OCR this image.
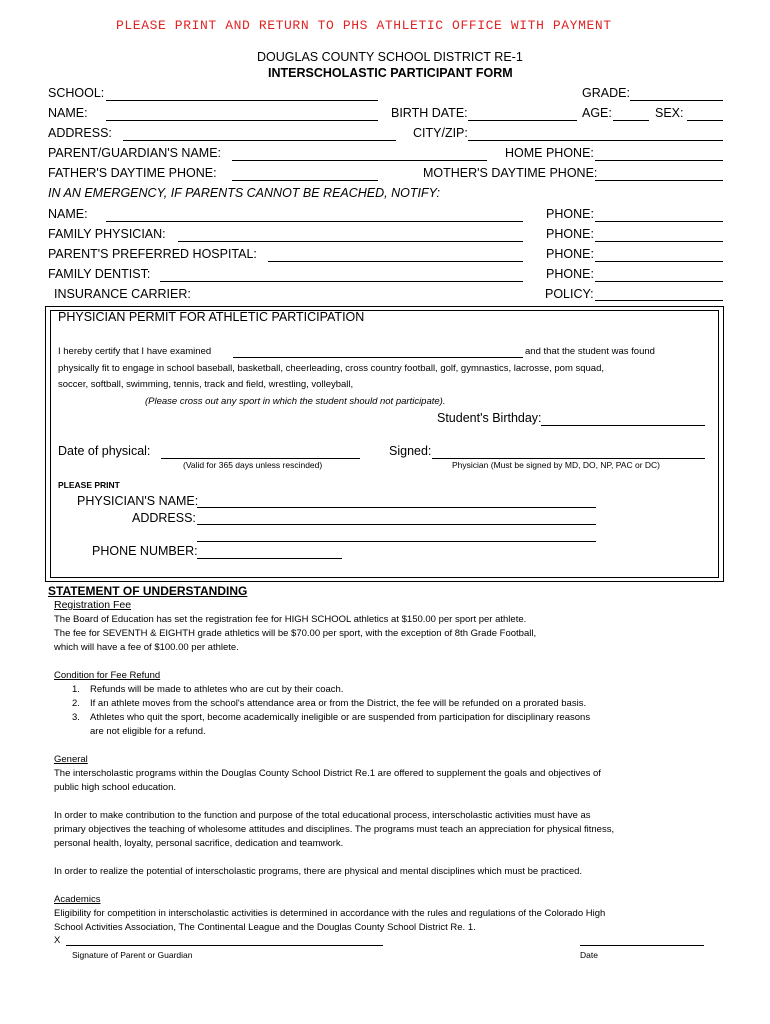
PLEASE PRINT AND RETURN TO PHS ATHLETIC OFFICE WITH PAYMENT
DOUGLAS COUNTY SCHOOL DISTRICT RE-1
INTERSCHOLASTIC PARTICIPANT FORM
SCHOOL:	GRADE:
NAME:	BIRTH DATE:	AGE:	SEX:
ADDRESS:	CITY/ZIP:
PARENT/GUARDIAN'S NAME:	HOME PHONE:
FATHER'S DAYTIME PHONE:	MOTHER'S DAYTIME PHONE:
IN AN EMERGENCY, IF PARENTS CANNOT BE REACHED, NOTIFY:
NAME:	PHONE:
FAMILY PHYSICIAN:	PHONE:
PARENT'S PREFERRED HOSPITAL:	PHONE:
FAMILY DENTIST:	PHONE:
INSURANCE CARRIER:	POLICY:
PHYSICIAN PERMIT FOR ATHLETIC PARTICIPATION
I hereby certify that I have examined	and that the student was found
physically fit to engage in school baseball, basketball, cheerleading, cross country football, golf, gymnastics, lacrosse, pom squad,
soccer, softball, swimming, tennis, track and field, wrestling, volleyball,
(Please cross out any sport in which the student should not participate).
Student's Birthday:
Date of physical:
(Valid for 365 days unless rescinded)
Signed:
Physician (Must be signed by MD, DO, NP, PAC or DC)
PLEASE PRINT
PHYSICIAN'S NAME:
ADDRESS:
PHONE NUMBER:
STATEMENT OF UNDERSTANDING
Registration Fee
The Board of Education has set the registration fee for HIGH SCHOOL athletics at $150.00 per sport per athlete.
The fee for SEVENTH & EIGHTH grade athletics will be $70.00 per sport, with the exception of 8th Grade Football,
which will have a fee of $100.00 per athlete.
Condition for Fee Refund
1. Refunds will be made to athletes who are cut by their coach.
2. If an athlete moves from the school's attendance area or from the District, the fee will be refunded on a prorated basis.
3. Athletes who quit the sport, become academically ineligible or are suspended from participation for disciplinary reasons
are not eligible for a refund.
General
The interscholastic programs within the Douglas County School District Re.1 are offered to supplement the goals and objectives of
public high school education.
In order to make contribution to the function and purpose of the total educational process, interscholastic activities must have as
primary objectives the teaching of wholesome attitudes and disciplines. The programs must teach an appreciation for physical fitness,
personal health, loyalty, personal sacrifice, dedication and teamwork.
In order to realize the potential of interscholastic programs, there are physical and mental disciplines which must be practiced.
Academics
Eligibility for competition in interscholastic activities is determined in accordance with the rules and regulations of the Colorado High
School Activities Association, The Continental League and the Douglas County School District Re. 1.
X
Signature of Parent or Guardian	Date
